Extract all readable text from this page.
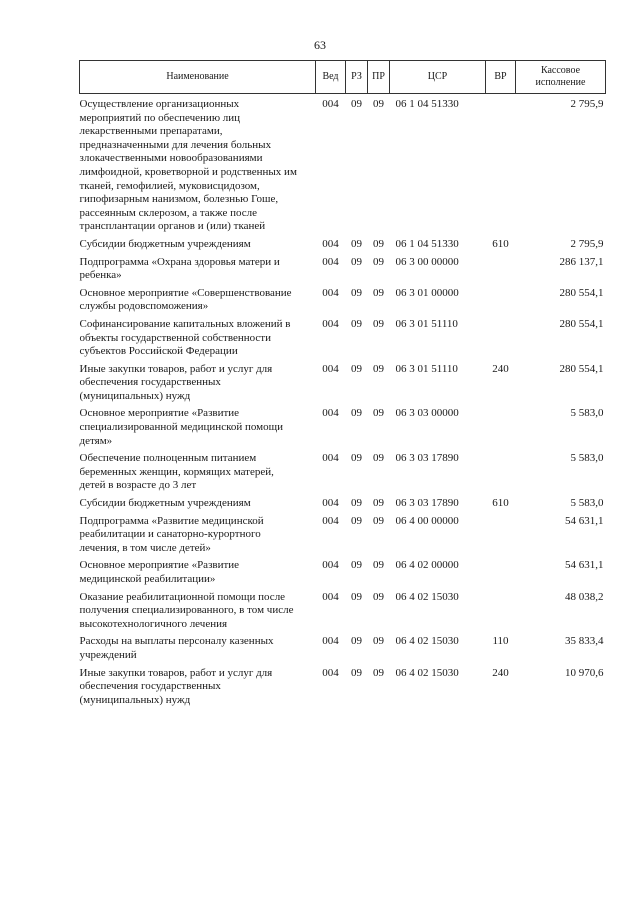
63
Наименование	Вед	РЗ	ПР	ЦСР	ВР	Кассовое исполнение

Осуществление организационных мероприятий по обеспечению лиц лекарственными препаратами, предназначенными для лечения больных злокачественными новообразованиями лимфоидной, кроветворной и родственных им тканей, гемофилией, муковисцидозом, гипофизарным нанизмом, болезнью Гоше, рассеянным склерозом, а также после трансплантации органов и (или) тканей	004	09	09	06 1 04 51330		2 795,9
Субсидии бюджетным учреждениям	004	09	09	06 1 04 51330	610	2 795,9
Подпрограмма «Охрана здоровья матери и ребенка»	004	09	09	06 3 00 00000		286 137,1
Основное мероприятие «Совершенствование службы родовспоможения»	004	09	09	06 3 01 00000		280 554,1
Софинансирование капитальных вложений в объекты государственной собственности субъектов Российской Федерации	004	09	09	06 3 01 51110		280 554,1
Иные закупки товаров, работ и услуг для обеспечения государственных (муниципальных) нужд	004	09	09	06 3 01 51110	240	280 554,1
Основное мероприятие «Развитие специализированной медицинской помощи детям»	004	09	09	06 3 03 00000		5 583,0
Обеспечение полноценным питанием беременных женщин, кормящих матерей, детей в возрасте до 3 лет	004	09	09	06 3 03 17890		5 583,0
Субсидии бюджетным учреждениям	004	09	09	06 3 03 17890	610	5 583,0
Подпрограмма «Развитие медицинской реабилитации и санаторно-курортного лечения, в том числе детей»	004	09	09	06 4 00 00000		54 631,1
Основное мероприятие «Развитие медицинской реабилитации»	004	09	09	06 4 02 00000		54 631,1
Оказание реабилитационной помощи после получения специализированного, в том числе высокотехнологичного лечения	004	09	09	06 4 02 15030		48 038,2
Расходы на выплаты персоналу казенных учреждений	004	09	09	06 4 02 15030	110	35 833,4
Иные закупки товаров, работ и услуг для обеспечения государственных (муниципальных) нужд	004	09	09	06 4 02 15030	240	10 970,6
